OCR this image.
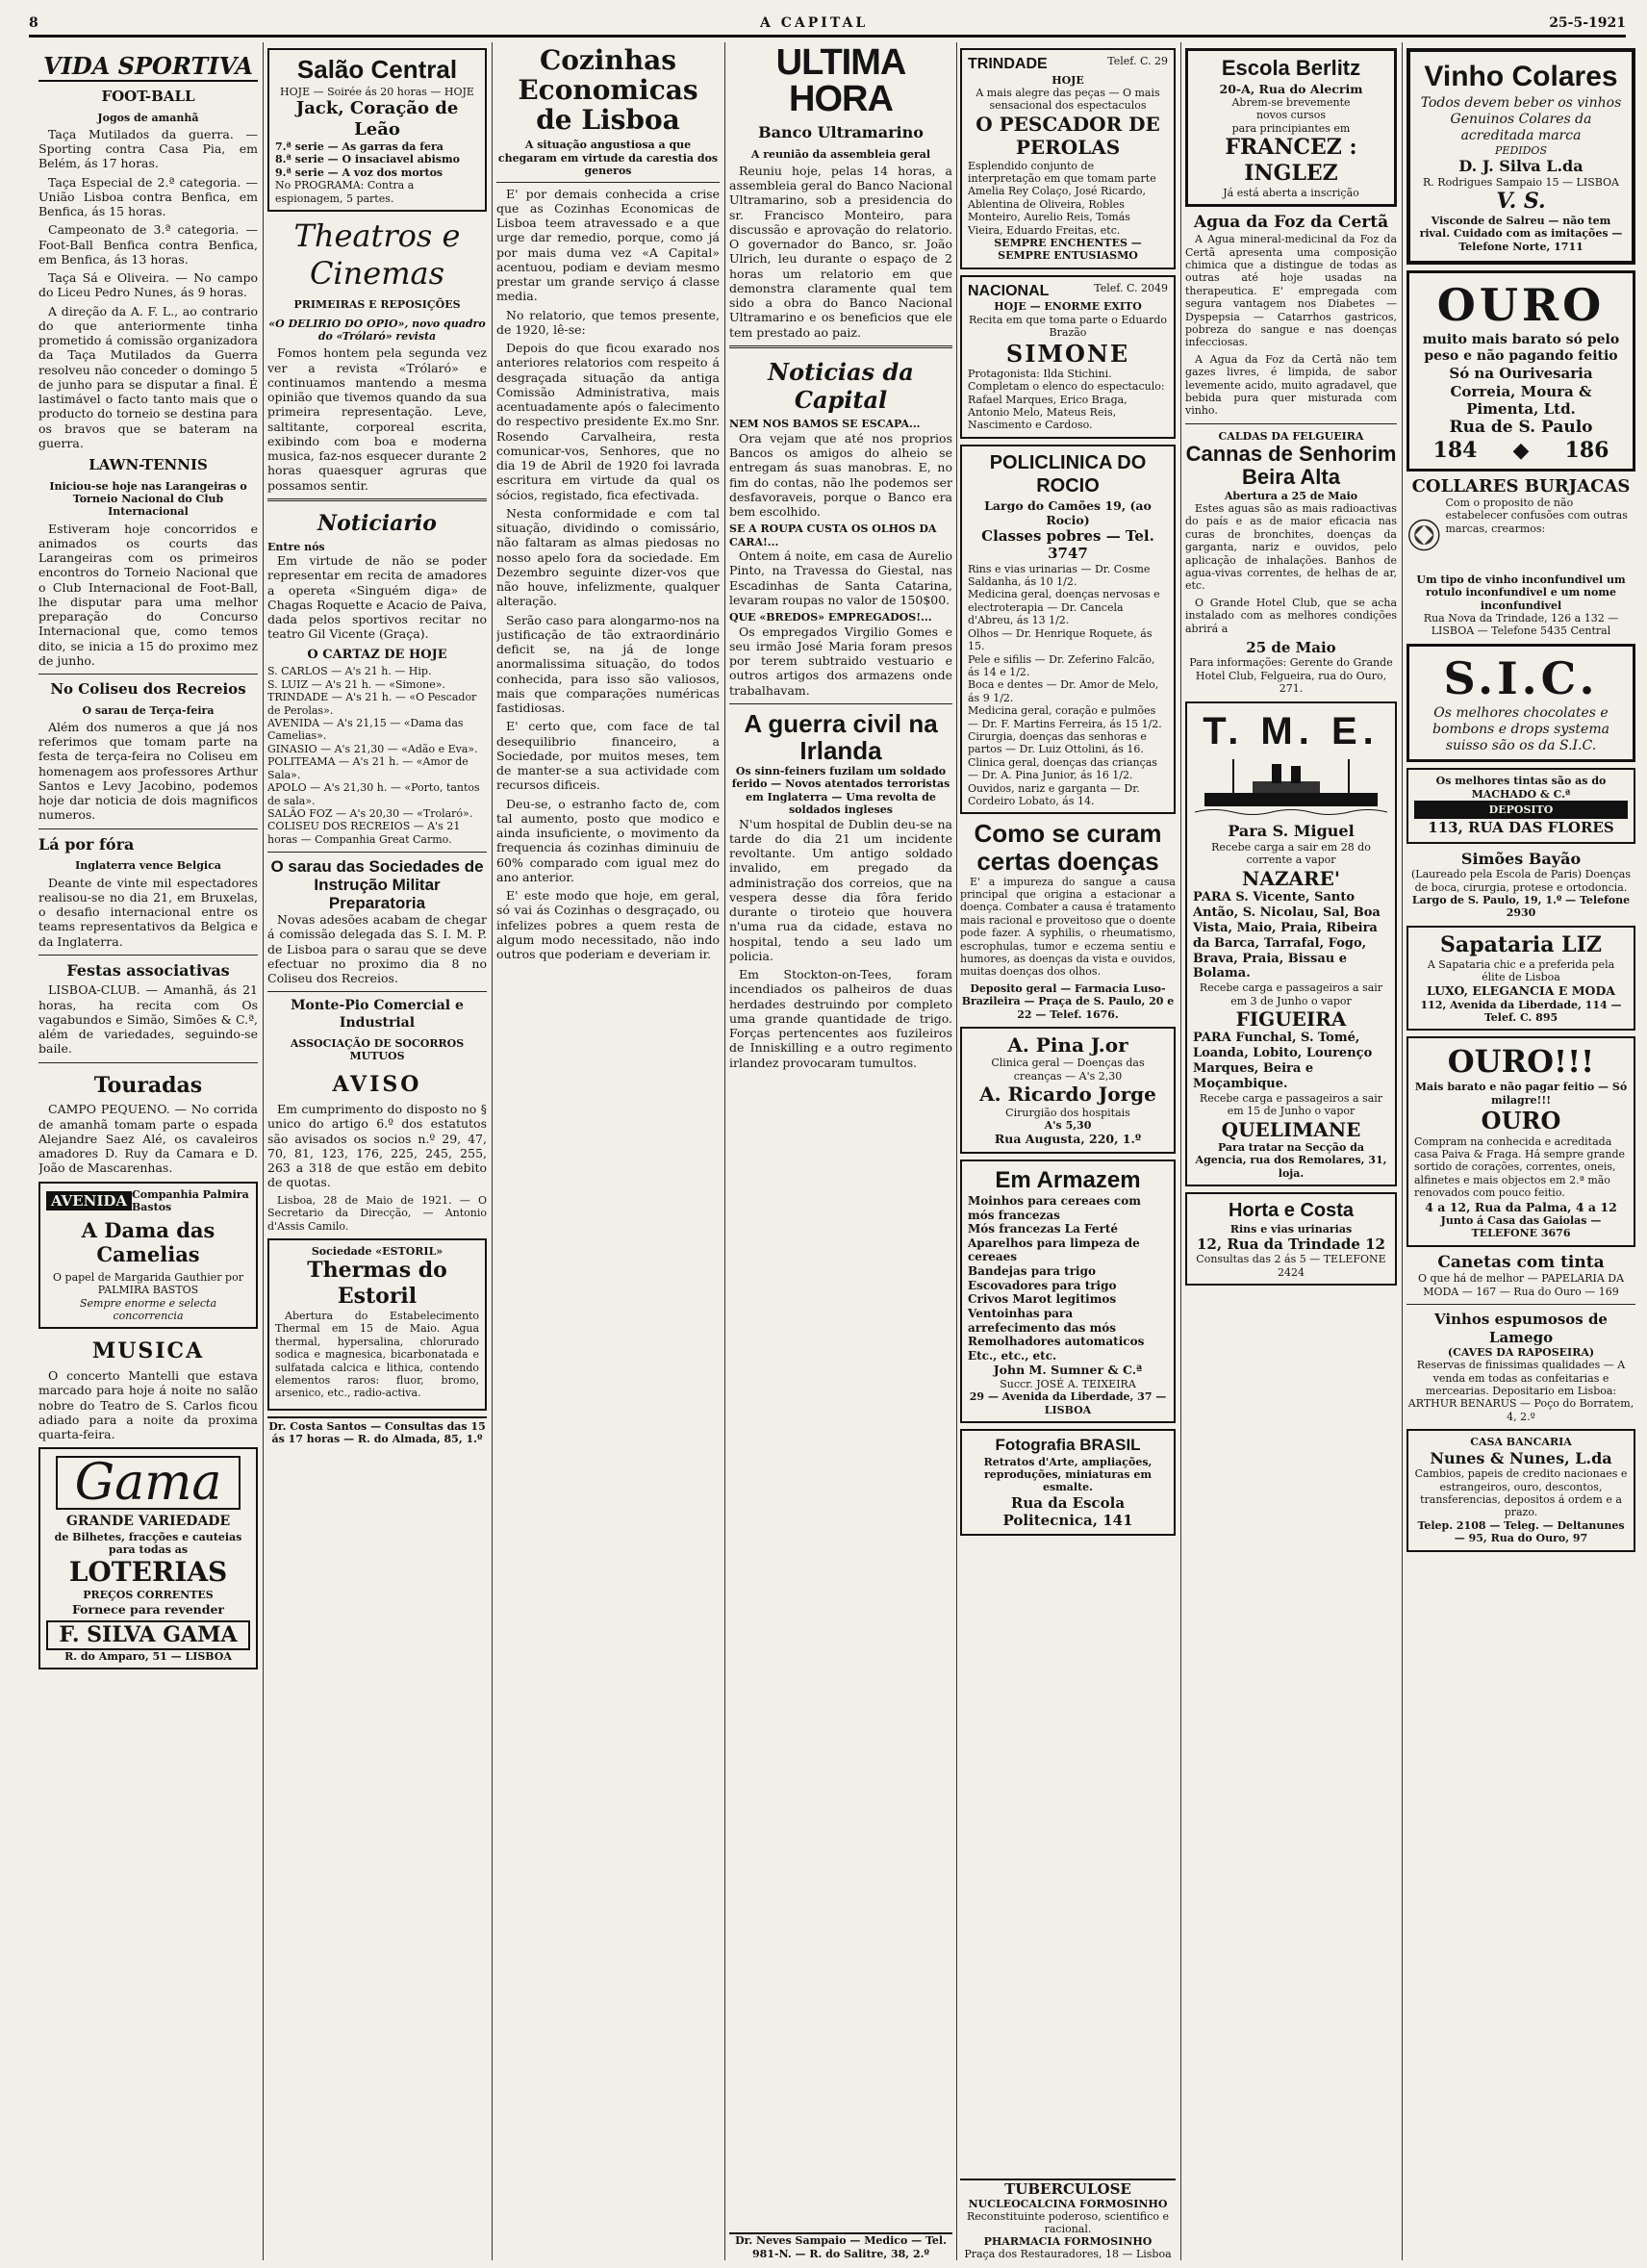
8	A CAPITAL	25-5-1921
VIDA SPORTIVA
FOOT-BALL
Jogos de amanhã

Taça Mutilados da guerra. — Sporting contra Casa Pia, em Belém, ás 17 horas.

Taça Especial de 2.ª categoria. — União Lisboa contra Benfica, em Benfica, ás 15 horas.

Campeonato de 3.ª categoria. — Foot-Ball Benfica contra Benfica, em Benfica, ás 13 horas.

Taça Sá e Oliveira. — No campo do Liceu Pedro Nunes, ás 9 horas.

A direção da A. F. L., ao contrario do que anteriormente tinha prometido á comissão organizadora da Taça Mutilados da Guerra resolveu não conceder o domingo 5 de junho para se disputar a final. É lastimável o facto tanto mais que o producto do torneio se destina para os bravos que se bateram na guerra.

LAWN-TENNIS
Iniciou-se hoje nas Larangeiras o Torneio Nacional do Club Internacional

Estiveram hoje concorridos e animados os courts das Larangeiras com os primeiros encontros do Torneio Nacional que o Club Internacional de Foot-Ball, lhe disputar para uma melhor preparação do Concurso Internacional que, como temos dito, se inicia a 15 do proximo mez de junho.

No Coliseu dos Recreios
O sarau de Terça-feira

Além dos numeros a que já nos referimos que tomam parte na festa de terça-feira no Coliseu em homenagem aos professores Arthur Santos e Levy Jacobino, podemos hoje dar noticia de dois magnificos numeros.

Lá por fóra
Inglaterra vence Belgica

Deante de vinte mil espectadores realisou-se no dia 21, em Bruxelas, o desafio internacional entre os teams representativos da Belgica e da Inglaterra.

Festas associativas

LISBOA-CLUB. — Amanhã, ás 21 horas, ha recita com Os vagabundos e Simão, Simões & C.ª, além de variedades, seguindo-se baile.

Touradas

CAMPO PEQUENO. — No corrida de amanhã tomam parte o espada Alejandre Saez Alé, os cavaleiros amadores D. Ruy da Camara e D. João de Mascarenhas.

AVENIDA Companhia Palmira Bastos
A Dama das Camelias
O papel de Margarida Gauthier por PALMIRA BASTOS
Sempre enorme e selecta concorrencia
MUSICA

O concerto Mantelli que estava marcado para hoje á noite no salão nobre do Teatro de S. Carlos ficou adiado para a noite da proxima quarta-feira.

Gama
GRANDE VARIEDADE
de Bilhetes, fracções e cauteias para todas as
LOTERIAS
PREÇOS CORRENTES
Fornece para revender
F. SILVA GAMA
R. do Amparo, 51 — LISBOA
Salão Central
HOJE — Soirée ás 20 horas — HOJE
Jack, Coração de Leão
7.ª serie — As garras da fera
8.ª serie — O insaciavel abismo
9.ª serie — A voz dos mortos
No PROGRAMA: Contra a espionagem, 5 partes.
Theatros e Cinemas
PRIMEIRAS E REPOSIÇÕES
«O DELIRIO DO OPIO», novo quadro do «Trólaró» revista

Fomos hontem pela segunda vez ver a revista «Trólaró» e continuamos mantendo a mesma opinião que tivemos quando da sua primeira representação. Leve, saltitante, corporeal escrita, exibindo com boa e moderna musica, faz-nos esquecer durante 2 horas quaesquer agruras que possamos sentir.

Noticiario
Entre nós

Em virtude de não se poder representar em recita de amadores a opereta «Singuém diga» de Chagas Roquette e Acacio de Paiva, dada pelos sportivos recitar no teatro Gil Vicente (Graça).

O CARTAZ DE HOJE
S. CARLOS — A's 21 h. — Hip.
S. LUIZ — A's 21 h. — «Simone».
TRINDADE — A's 21 h. — «O Pescador de Perolas».
AVENIDA — A's 21,15 — «Dama das Camelias».
GINASIO — A's 21,30 — «Adão e Eva».
POLITEAMA — A's 21 h. — «Amor de Sala».
APOLO — A's 21,30 h. — «Porto, tantos de sala».
SALÃO FOZ — A's 20,30 — «Trolaró».
COLISEU DOS RECREIOS — A's 21 horas — Companhia Great Carmo.
O sarau das Sociedades de Instrução Militar Preparatoria

Novas adesões acabam de chegar á comissão delegada das S. I. M. P. de Lisboa para o sarau que se deve efectuar no proximo dia 8 no Coliseu dos Recreios.

Monte-Pio Comercial e Industrial
ASSOCIAÇÃO DE SOCORROS MUTUOS
AVISO

Em cumprimento do disposto no § unico do artigo 6.º dos estatutos são avisados os socios n.º 29, 47, 70, 81, 123, 176, 225, 245, 255, 263 a 318 de que estão em debito de quotas.

Lisboa, 28 de Maio de 1921. — O Secretario da Direcção, — Antonio d'Assis Camilo.

Sociedade «ESTORIL»
Thermas do Estoril

Abertura do Estabelecimento Thermal em 15 de Maio. Agua thermal, hypersalina, chlorurado sodica e magnesica, bicarbonatada e sulfatada calcica e lithica, contendo elementos raros: fluor, bromo, arsenico, etc., radio-activa.

Dr. Costa Santos — Consultas das 15 ás 17 horas — R. do Almada, 85, 1.º
Cozinhas Economicas de Lisboa
A situação angustiosa a que chegaram em virtude da carestia dos generos

E' por demais conhecida a crise que as Cozinhas Economicas de Lisboa teem atravessado e a que urge dar remedio, porque, como já por mais duma vez «A Capital» acentuou, podiam e deviam mesmo prestar um grande serviço á classe media.

No relatorio, que temos presente, de 1920, lê-se:

Depois do que ficou exarado nos anteriores relatorios com respeito á desgraçada situação da antiga Comissão Administrativa, mais acentuadamente após o falecimento do respectivo presidente Ex.mo Snr. Rosendo Carvalheira, resta comunicar-vos, Senhores, que no dia 19 de Abril de 1920 foi lavrada escritura em virtude da qual os sócios, registado, fica efectivada.

Nesta conformidade e com tal situação, dividindo o comissário, não faltaram as almas piedosas no nosso apelo fora da sociedade. Em Dezembro seguinte dizer-vos que não houve, infelizmente, qualquer alteração.

Serão caso para alongarmo-nos na justificação de tão extraordinário deficit se, na já de longe anormalissima situação, do todos conhecida, para isso são valiosos, mais que comparações numéricas fastidiosas.

E' certo que, com face de tal desequilibrio financeiro, a Sociedade, por muitos meses, tem de manter-se a sua actividade com recursos dificeis.

Deu-se, o estranho facto de, com tal aumento, posto que modico e ainda insuficiente, o movimento da frequencia ás cozinhas diminuiu de 60% comparado com igual mez do ano anterior.

E' este modo que hoje, em geral, só vai ás Cozinhas o desgraçado, ou infelizes pobres a quem resta de algum modo necessitado, não indo outros que poderiam e deveriam ir.

ULTIMA HORA
Banco Ultramarino
A reunião da assembleia geral

Reuniu hoje, pelas 14 horas, a assembleia geral do Banco Nacional Ultramarino, sob a presidencia do sr. Francisco Monteiro, para discussão e aprovação do relatorio. O governador do Banco, sr. João Ulrich, leu durante o espaço de 2 horas um relatorio em que demonstra claramente qual tem sido a obra do Banco Nacional Ultramarino e os beneficios que ele tem prestado ao paiz.

Noticias da Capital
NEM NOS BAMOS SE ESCAPA...

Ora vejam que até nos proprios Bancos os amigos do alheio se entregam ás suas manobras. E, no fim do contas, não lhe podemos ser desfavoraveis, porque o Banco era bem escolhido.

SE A ROUPA CUSTA OS OLHOS DA CARA!...

Ontem á noite, em casa de Aurelio Pinto, na Travessa do Giestal, nas Escadinhas de Santa Catarina, levaram roupas no valor de 150$00.

QUE «BREDOS» EMPREGADOS!...

Os empregados Virgilio Gomes e seu irmão José Maria foram presos por terem subtraido vestuario e outros artigos dos armazens onde trabalhavam.

A guerra civil na Irlanda
Os sinn-feiners fuzilam um soldado ferido — Novos atentados terroristas em Inglaterra — Uma revolta de soldados ingleses

N'um hospital de Dublin deu-se na tarde do dia 21 um incidente revoltante. Um antigo soldado invalido, em pregado da administração dos correios, que na vespera desse dia fôra ferido durante o tiroteio que houvera n'uma rua da cidade, estava no hospital, tendo a seu lado um policia.

Em Stockton-on-Tees, foram incendiados os palheiros de duas herdades destruindo por completo uma grande quantidade de trigo. Forças pertencentes aos fuzileiros de Inniskilling e a outro regimento irlandez provocaram tumultos.

Dr. Neves Sampaio — Medico — Tel. 981-N. — R. do Salitre, 38, 2.º
TRINDADE	Telef. C. 29
HOJE
A mais alegre das peças — O mais sensacional dos espectaculos
O PESCADOR DE PEROLAS
Esplendido conjunto de interpretação em que tomam parte Amelia Rey Colaço, José Ricardo, Ablentina de Oliveira, Robles Monteiro, Aurelio Reis, Tomás Vieira, Eduardo Freitas, etc.
SEMPRE ENCHENTES — SEMPRE ENTUSIASMO
NACIONAL	Telef. C. 2049
HOJE — ENORME EXITO
Recita em que toma parte o Eduardo Brazão
SIMONE
Protagonista: Ilda Stichini. Completam o elenco do espectaculo: Rafael Marques, Erico Braga, Antonio Melo, Mateus Reis, Nascimento e Cardoso.
POLICLINICA DO ROCIO
Largo do Camões 19, (ao Rocio)
Classes pobres — Tel. 3747
Rins e vias urinarias — Dr. Cosme Saldanha, ás 10 1/2.
Medicina geral, doenças nervosas e electroterapia — Dr. Cancela d'Abreu, ás 13 1/2.
Olhos — Dr. Henrique Roquete, ás 15.
Pele e sifilis — Dr. Zeferino Falcão, ás 14 e 1/2.
Boca e dentes — Dr. Amor de Melo, ás 9 1/2.
Medicina geral, coração e pulmões — Dr. F. Martins Ferreira, ás 15 1/2.
Cirurgia, doenças das senhoras e partos — Dr. Luiz Ottolini, ás 16.
Clinica geral, doenças das crianças — Dr. A. Pina Junior, ás 16 1/2.
Ouvidos, nariz e garganta — Dr. Cordeiro Lobato, ás 14.
Como se curam certas doenças

E' a impureza do sangue a causa principal que origina a estacionar a doença. Combater a causa é tratamento mais racional e proveitoso que o doente pode fazer. A syphilis, o rheumatismo, escrophulas, tumor e eczema sentiu e humores, as doenças da vista e ouvidos, muitas doenças dos olhos.

Deposito geral — Farmacia Luso-Brazileira — Praça de S. Paulo, 20 e 22 — Telef. 1676.
A. Pina J.or
Clinica geral — Doenças das creanças — A's 2,30
A. Ricardo Jorge
Cirurgião dos hospitais
A's 5,30
Rua Augusta, 220, 1.º
Em Armazem
Moinhos para cereaes com mós francezas
Mós francezas La Ferté
Aparelhos para limpeza de cereaes
Bandejas para trigo
Escovadores para trigo
Crivos Marot legitimos
Ventoinhas para arrefecimento das mós
Remolhadores automaticos
Etc., etc., etc.
John M. Sumner & C.ª
Succr. JOSÉ A. TEIXEIRA
29 — Avenida da Liberdade, 37 — LISBOA
Fotografia BRASIL
Retratos d'Arte, ampliações, reproduções, miniaturas em esmalte.
Rua da Escola Politecnica, 141
Escola Berlitz
20-A, Rua do Alecrim
Abrem-se brevemente
novos cursos
para principiantes em
FRANCEZ : INGLEZ
Já está aberta a inscrição
Agua da Foz da Certã

A Agua mineral-medicinal da Foz da Certã apresenta uma composição chimica que a distingue de todas as outras até hoje usadas na therapeutica. E' empregada com segura vantagem nos Diabetes — Dyspepsia — Catarrhos gastricos, pobreza do sangue e nas doenças infecciosas.

A Agua da Foz da Certã não tem gazes livres, é limpida, de sabor levemente acido, muito agradavel, que bebida pura quer misturada com vinho.

CALDAS DA FELGUEIRA
Cannas de Senhorim Beira Alta
Abertura a 25 de Maio

Estes aguas são as mais radioactivas do país e as de maior eficacia nas curas de bronchites, doenças da garganta, nariz e ouvidos, pelo aplicação de inhalações. Banhos de agua-vivas correntes, de helhas de ar, etc.

O Grande Hotel Club, que se acha instalado com as melhores condições abrirá a

25 de Maio
Para informações: Gerente do Grande Hotel Club, Felgueira, rua do Ouro, 271.
T. M. E.
Para S. Miguel
Recebe carga a sair em 28 do corrente a vapor
NAZARE'
PARA S. Vicente, Santo Antão, S. Nicolau, Sal, Boa Vista, Maio, Praia, Ribeira da Barca, Tarrafal, Fogo, Brava, Praia, Bissau e Bolama.
Recebe carga e passageiros a sair em 3 de Junho o vapor
FIGUEIRA
PARA Funchal, S. Tomé, Loanda, Lobito, Lourenço Marques, Beira e Moçambique.
Recebe carga e passageiros a sair em 15 de Junho o vapor
QUELIMANE
Para tratar na Secção da Agencia, rua dos Remolares, 31, loja.
Horta e Costa
Rins e vias urinarias
12, Rua da Trindade 12
Consultas das 2 ás 5 — TELEFONE 2424
Vinho Colares
Todos devem beber os vinhos Genuinos Colares da acreditada marca
PEDIDOS
D. J. Silva L.da
R. Rodrigues Sampaio 15 — LISBOA
V. S.
Visconde de Salreu — não tem rival. Cuidado com as imitações — Telefone Norte, 1711
OURO
muito mais barato só pelo peso e não pagando feitio
Só na Ourivesaria Correia, Moura & Pimenta, Ltd.
Rua de S. Paulo
184 ◆ 186
COLLARES BURJACAS
Com o proposito de não estabelecer confusões com outras marcas, crearmos:
Um tipo de vinho inconfundivel um rotulo inconfundivel e um nome inconfundivel
Rua Nova da Trindade, 126 a 132 — LISBOA — Telefone 5435 Central
S.I.C.
Os melhores chocolates e bombons e drops systema suisso são os da S.I.C.
Os melhores tintas são as do MACHADO & C.ª
DEPOSITO
113, RUA DAS FLORES
Simões Bayão
(Laureado pela Escola de Paris) Doenças de boca, cirurgia, protese e ortodoncia.
Largo de S. Paulo, 19, 1.º — Telefone 2930
Sapataria LIZ
A Sapataria chic e a preferida pela élite de Lisboa
LUXO, ELEGANCIA E MODA
112, Avenida da Liberdade, 114 — Telef. C. 895
OURO!!!
Mais barato e não pagar feitio — Só milagre!!!
OURO
Compram na conhecida e acreditada casa Paiva & Fraga. Há sempre grande sortido de corações, correntes, oneis, alfinetes e mais objectos em 2.ª mão renovados com pouco feitio.
4 a 12, Rua da Palma, 4 a 12
Junto á Casa das Gaiolas — TELEFONE 3676
Canetas com tinta
O que há de melhor — PAPELARIA DA MODA — 167 — Rua do Ouro — 169
Vinhos espumosos de Lamego
(CAVES DA RAPOSEIRA)
Reservas de finissimas qualidades — A venda em todas as confeitarias e mercearias. Depositario em Lisboa: ARTHUR BENARUS — Poço do Borratem, 4, 2.º
CASA BANCARIA
Nunes & Nunes, L.da
Cambios, papeis de credito nacionaes e estrangeiros, ouro, descontos, transferencias, depositos á ordem e a prazo.
Telep. 2108 — Teleg. — Deltanunes — 95, Rua do Ouro, 97
TUBERCULOSE
NUCLEOCALCINA FORMOSINHO
Reconstituinte poderoso, scientifico e racional.
PHARMACIA FORMOSINHO
Praça dos Restauradores, 18 — Lisboa
